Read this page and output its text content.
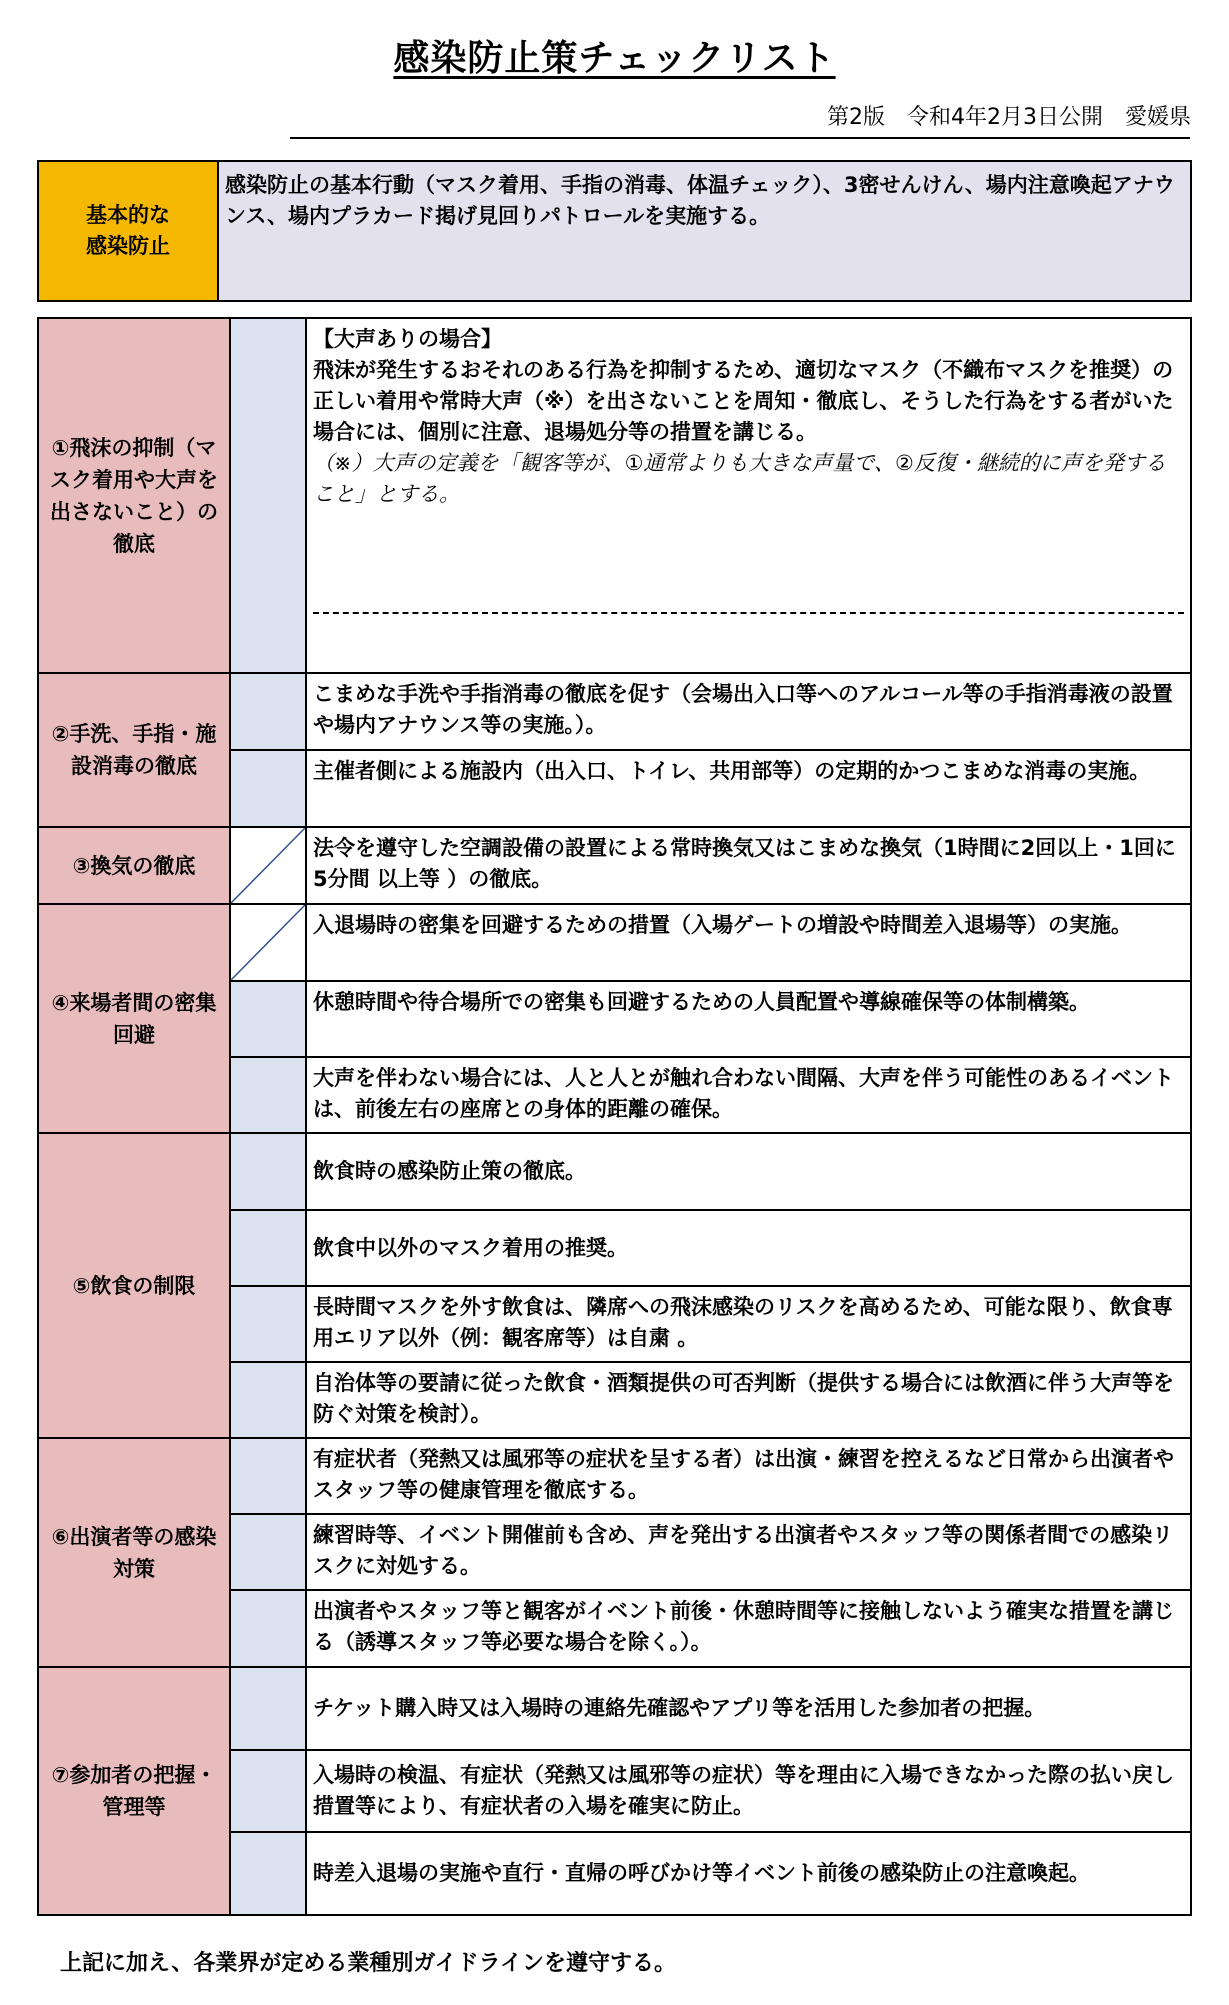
感染防止策チェックリスト
第2版　令和4年2月3日公開　愛媛県
基本的な
感染防止
	感染防止の基本行動（マスク着用、手指の消毒、体温チェック）、3密せんけん、場内注意喚起アナウンス、場内プラカード掲げ見回りパトロールを実施する。
①飛沫の抑制（マスク着用や大声を出さないこと）の徹底		【大声ありの場合】
飛沫が発生するおそれのある行為を抑制するため、適切なマスク（不織布マスクを推奨）の正しい着用や常時大声（※）を出さないことを周知・徹底し、そうした行為をする者がいた場合には、個別に注意、退場処分等の措置を講じる。
（※）大声の定義を「観客等が、①通常よりも大きな声量で、②反復・継続的に声を発すること」とする。

②手洗、手指・施設消毒の徹底		こまめな手洗や手指消毒の徹底を促す（会場出入口等へのアルコール等の手指消毒液の設置や場内アナウンス等の実施。）。
		主催者側による施設内（出入口、トイレ、共用部等）の定期的かつこまめな消毒の実施。
③換気の徹底		法令を遵守した空調設備の設置による常時換気又はこまめな換気（1時間に2回以上・1回に5分間 以上等 ）の徹底。
④来場者間の密集回避		入退場時の密集を回避するための措置（入場ゲートの増設や時間差入退場等）の実施。
		休憩時間や待合場所での密集も回避するための人員配置や導線確保等の体制構築。
		大声を伴わない場合には、人と人とが触れ合わない間隔、大声を伴う可能性のあるイベントは、前後左右の座席との身体的距離の確保。
⑤飲食の制限		飲食時の感染防止策の徹底。
		飲食中以外のマスク着用の推奨。
		長時間マスクを外す飲食は、隣席への飛沫感染のリスクを高めるため、可能な限り、飲食専用エリア以外（例：観客席等）は自粛 。
		自治体等の要請に従った飲食・酒類提供の可否判断（提供する場合には飲酒に伴う大声等を防ぐ対策を検討）。
⑥出演者等の感染対策		有症状者（発熱又は風邪等の症状を呈する者）は出演・練習を控えるなど日常から出演者やスタッフ等の健康管理を徹底する。
		練習時等、イベント開催前も含め、声を発出する出演者やスタッフ等の関係者間での感染リスクに対処する。
		出演者やスタッフ等と観客がイベント前後・休憩時間等に接触しないよう確実な措置を講じる（誘導スタッフ等必要な場合を除く。）。
⑦参加者の把握・管理等		チケット購入時又は入場時の連絡先確認やアプリ等を活用した参加者の把握。
		入場時の検温、有症状（発熱又は風邪等の症状）等を理由に入場できなかった際の払い戻し措置等により、有症状者の入場を確実に防止。
		時差入退場の実施や直行・直帰の呼びかけ等イベント前後の感染防止の注意喚起。
上記に加え、各業界が定める業種別ガイドラインを遵守する。
